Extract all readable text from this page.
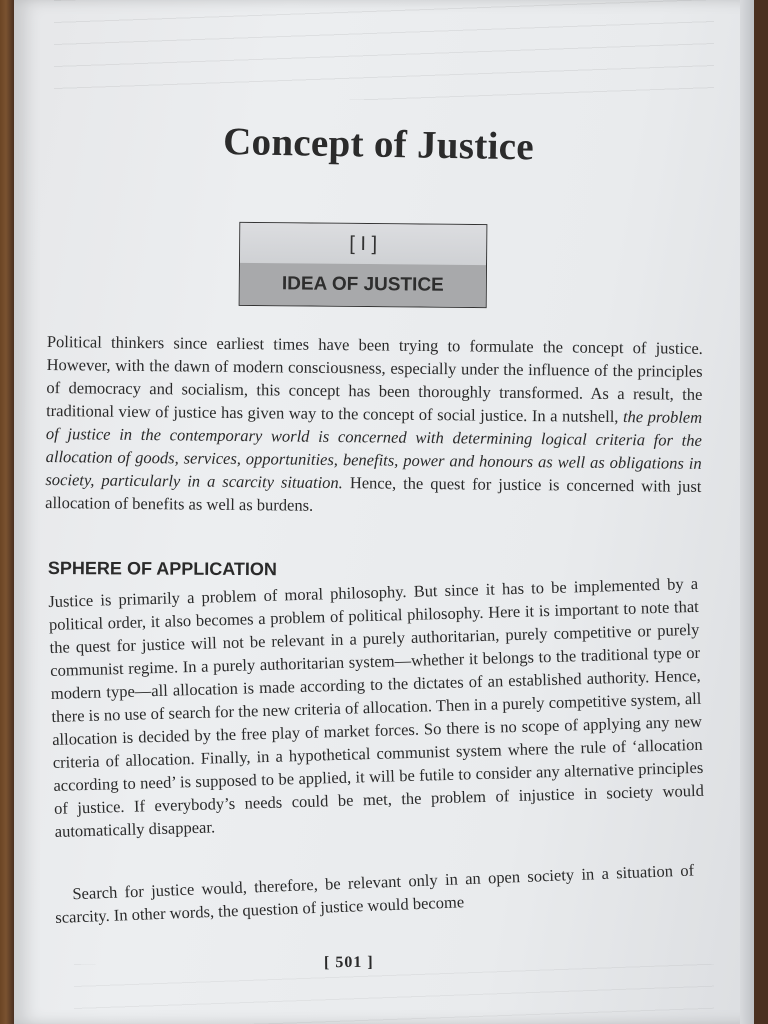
Concept of Justice
[ I ]
IDEA OF JUSTICE

Political thinkers since earliest times have been trying to formulate the concept of justice. However, with the dawn of modern consciousness, especially under the influence of the principles of democracy and socialism, this concept has been thoroughly transformed. As a result, the traditional view of justice has given way to the concept of social justice. In a nutshell, the problem of justice in the contemporary world is concerned with determining logical criteria for the allocation of goods, services, opportunities, benefits, power and honours as well as obligations in society, particularly in a scarcity situation. Hence, the quest for justice is concerned with just allocation of benefits as well as burdens.

SPHERE OF APPLICATION

Justice is primarily a problem of moral philosophy. But since it has to be implemented by a political order, it also becomes a problem of political philosophy. Here it is important to note that the quest for justice will not be relevant in a purely authoritarian, purely competitive or purely communist regime. In a purely authoritarian system—whether it belongs to the traditional type or modern type—all allocation is made according to the dictates of an established authority. Hence, there is no use of search for the new criteria of allocation. Then in a purely competitive system, all allocation is decided by the free play of market forces. So there is no scope of applying any new criteria of allocation. Finally, in a hypothetical communist system where the rule of ‘allocation according to need’ is supposed to be applied, it will be futile to consider any alternative principles of justice. If everybody’s needs could be met, the problem of injustice in society would automatically disappear.

Search for justice would, therefore, be relevant only in an open society in a situation of scarcity. In other words, the question of justice would become

[ 501 ]
